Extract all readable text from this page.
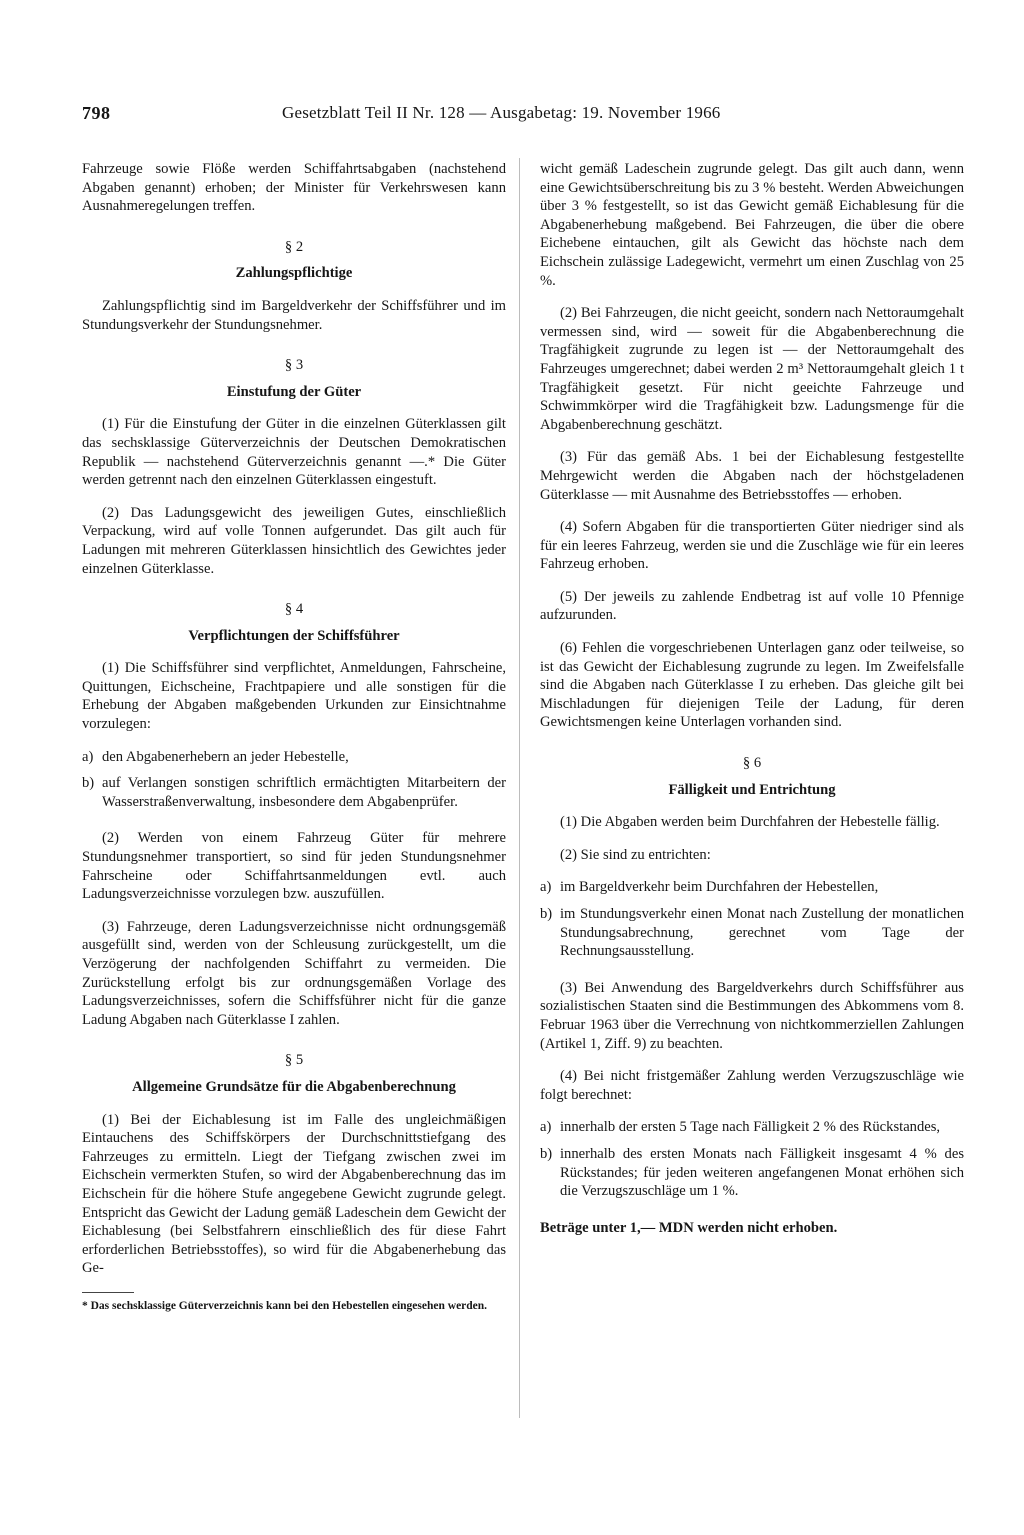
798	Gesetzblatt Teil II Nr. 128 — Ausgabetag: 19. November 1966

Fahrzeuge sowie Flöße werden Schiffahrtsabgaben (nachstehend Abgaben genannt) erhoben; der Minister für Verkehrswesen kann Ausnahmeregelungen treffen.

§ 2
Zahlungspflichtige

Zahlungspflichtig sind im Bargeldverkehr der Schiffsführer und im Stundungsverkehr der Stundungsnehmer.

§ 3
Einstufung der Güter

(1) Für die Einstufung der Güter in die einzelnen Güterklassen gilt das sechsklassige Güterverzeichnis der Deutschen Demokratischen Republik — nachstehend Güterverzeichnis genannt —.* Die Güter werden getrennt nach den einzelnen Güterklassen eingestuft.

(2) Das Ladungsgewicht des jeweiligen Gutes, einschließlich Verpackung, wird auf volle Tonnen aufgerundet. Das gilt auch für Ladungen mit mehreren Güterklassen hinsichtlich des Gewichtes jeder einzelnen Güterklasse.

§ 4
Verpflichtungen der Schiffsführer

(1) Die Schiffsführer sind verpflichtet, Anmeldungen, Fahrscheine, Quittungen, Eichscheine, Frachtpapiere und alle sonstigen für die Erhebung der Abgaben maßgebenden Urkunden zur Einsichtnahme vorzulegen:

a) den Abgabenerhebern an jeder Hebestelle,
b) auf Verlangen sonstigen schriftlich ermächtigten Mitarbeitern der Wasserstraßenverwaltung, insbesondere dem Abgabenprüfer.

(2) Werden von einem Fahrzeug Güter für mehrere Stundungsnehmer transportiert, so sind für jeden Stundungsnehmer Fahrscheine oder Schiffahrtsanmeldungen evtl. auch Ladungsverzeichnisse vorzulegen bzw. auszufüllen.

(3) Fahrzeuge, deren Ladungsverzeichnisse nicht ordnungsgemäß ausgefüllt sind, werden von der Schleusung zurückgestellt, um die Verzögerung der nachfolgenden Schiffahrt zu vermeiden. Die Zurückstellung erfolgt bis zur ordnungsgemäßen Vorlage des Ladungsverzeichnisses, sofern die Schiffsführer nicht für die ganze Ladung Abgaben nach Güterklasse I zahlen.

§ 5
Allgemeine Grundsätze für die Abgabenberechnung

(1) Bei der Eichablesung ist im Falle des ungleichmäßigen Eintauchens des Schiffskörpers der Durchschnittstiefgang des Fahrzeuges zu ermitteln. Liegt der Tiefgang zwischen zwei im Eichschein vermerkten Stufen, so wird der Abgabenberechnung das im Eichschein für die höhere Stufe angegebene Gewicht zugrunde gelegt. Entspricht das Gewicht der Ladung gemäß Ladeschein dem Gewicht der Eichablesung (bei Selbstfahrern einschließlich des für diese Fahrt erforderlichen Betriebsstoffes), so wird für die Abgabenerhebung das Ge-

* Das sechsklassige Güterverzeichnis kann bei den Hebestellen eingesehen werden.

wicht gemäß Ladeschein zugrunde gelegt. Das gilt auch dann, wenn eine Gewichtsüberschreitung bis zu 3 % besteht. Werden Abweichungen über 3 % festgestellt, so ist das Gewicht gemäß Eichablesung für die Abgabenerhebung maßgebend. Bei Fahrzeugen, die über die obere Eichebene eintauchen, gilt als Gewicht das höchste nach dem Eichschein zulässige Ladegewicht, vermehrt um einen Zuschlag von 25 %.

(2) Bei Fahrzeugen, die nicht geeicht, sondern nach Nettoraumgehalt vermessen sind, wird — soweit für die Abgabenberechnung die Tragfähigkeit zugrunde zu legen ist — der Nettoraumgehalt des Fahrzeuges umgerechnet; dabei werden 2 m³ Nettoraumgehalt gleich 1 t Tragfähigkeit gesetzt. Für nicht geeichte Fahrzeuge und Schwimmkörper wird die Tragfähigkeit bzw. Ladungsmenge für die Abgabenberechnung geschätzt.

(3) Für das gemäß Abs. 1 bei der Eichablesung festgestellte Mehrgewicht werden die Abgaben nach der höchstgeladenen Güterklasse — mit Ausnahme des Betriebsstoffes — erhoben.

(4) Sofern Abgaben für die transportierten Güter niedriger sind als für ein leeres Fahrzeug, werden sie und die Zuschläge wie für ein leeres Fahrzeug erhoben.

(5) Der jeweils zu zahlende Endbetrag ist auf volle 10 Pfennige aufzurunden.

(6) Fehlen die vorgeschriebenen Unterlagen ganz oder teilweise, so ist das Gewicht der Eichablesung zugrunde zu legen. Im Zweifelsfalle sind die Abgaben nach Güterklasse I zu erheben. Das gleiche gilt bei Mischladungen für diejenigen Teile der Ladung, für deren Gewichtsmengen keine Unterlagen vorhanden sind.

§ 6
Fälligkeit und Entrichtung

(1) Die Abgaben werden beim Durchfahren der Hebestelle fällig.

(2) Sie sind zu entrichten:

a) im Bargeldverkehr beim Durchfahren der Hebestellen,
b) im Stundungsverkehr einen Monat nach Zustellung der monatlichen Stundungsabrechnung, gerechnet vom Tage der Rechnungsausstellung.

(3) Bei Anwendung des Bargeldverkehrs durch Schiffsführer aus sozialistischen Staaten sind die Bestimmungen des Abkommens vom 8. Februar 1963 über die Verrechnung von nichtkommerziellen Zahlungen (Artikel 1, Ziff. 9) zu beachten.

(4) Bei nicht fristgemäßer Zahlung werden Verzugszuschläge wie folgt berechnet:

a) innerhalb der ersten 5 Tage nach Fälligkeit 2 % des Rückstandes,
b) innerhalb des ersten Monats nach Fälligkeit insgesamt 4 % des Rückstandes; für jeden weiteren angefangenen Monat erhöhen sich die Verzugszuschläge um 1 %.

Beträge unter 1,— MDN werden nicht erhoben.
